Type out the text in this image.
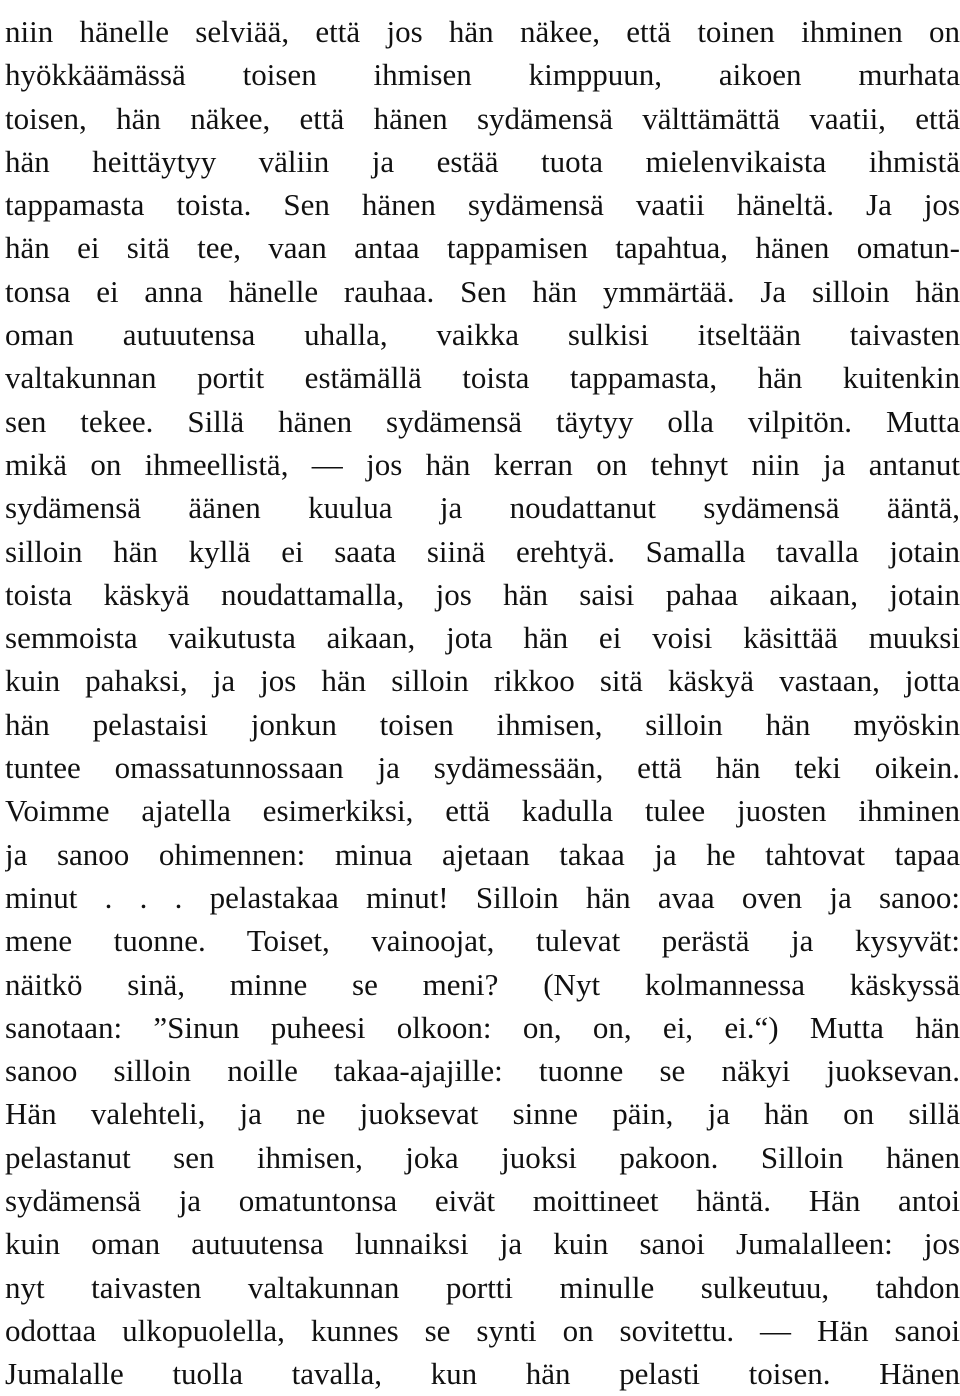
niin hänelle selviää, että jos hän näkee, että toinen ihminen on
hyökkäämässä toisen ihmisen kimppuun, aikoen murhata
toisen, hän näkee, että hänen sydämensä välttämättä vaatii, että
hän heittäytyy väliin ja estää tuota mielenvikaista ihmistä
tappamasta toista. Sen hänen sydämensä vaatii häneltä. Ja jos
hän ei sitä tee, vaan antaa tappamisen tapahtua, hänen omatun-
tonsa ei anna hänelle rauhaa. Sen hän ymmärtää. Ja silloin hän
oman autuutensa uhalla, vaikka sulkisi itseltään taivasten
valtakunnan portit estämällä toista tappamasta, hän kuitenkin
sen tekee. Sillä hänen sydämensä täytyy olla vilpitön. Mutta
mikä on ihmeellistä, — jos hän kerran on tehnyt niin ja antanut
sydämensä äänen kuulua ja noudattanut sydämensä ääntä,
silloin hän kyllä ei saata siinä erehtyä. Samalla tavalla jotain
toista käskyä noudattamalla, jos hän saisi pahaa aikaan, jotain
semmoista vaikutusta aikaan, jota hän ei voisi käsittää muuksi
kuin pahaksi, ja jos hän silloin rikkoo sitä käskyä vastaan, jotta
hän pelastaisi jonkun toisen ihmisen, silloin hän myöskin
tuntee omassatunnossaan ja sydämessään, että hän teki oikein.
Voimme ajatella esimerkiksi, että kadulla tulee juosten ihminen
ja sanoo ohimennen: minua ajetaan takaa ja he tahtovat tapaa
minut . . . pelastakaa minut! Silloin hän avaa oven ja sanoo:
mene tuonne. Toiset, vainoojat, tulevat perästä ja kysyvät:
näitkö sinä, minne se meni? (Nyt kolmannessa käskyssä
sanotaan: ”Sinun puheesi olkoon: on, on, ei, ei.“) Mutta hän
sanoo silloin noille takaa-ajajille: tuonne se näkyi juoksevan.
Hän valehteli, ja ne juoksevat sinne päin, ja hän on sillä
pelastanut sen ihmisen, joka juoksi pakoon. Silloin hänen
sydämensä ja omatuntonsa eivät moittineet häntä. Hän antoi
kuin oman autuutensa lunnaiksi ja kuin sanoi Jumalalleen: jos
nyt taivasten valtakunnan portti minulle sulkeutuu, tahdon
odottaa ulkopuolella, kunnes se synti on sovitettu. — Hän sanoi
Jumalalle tuolla tavalla, kun hän pelasti toisen. Hänen
